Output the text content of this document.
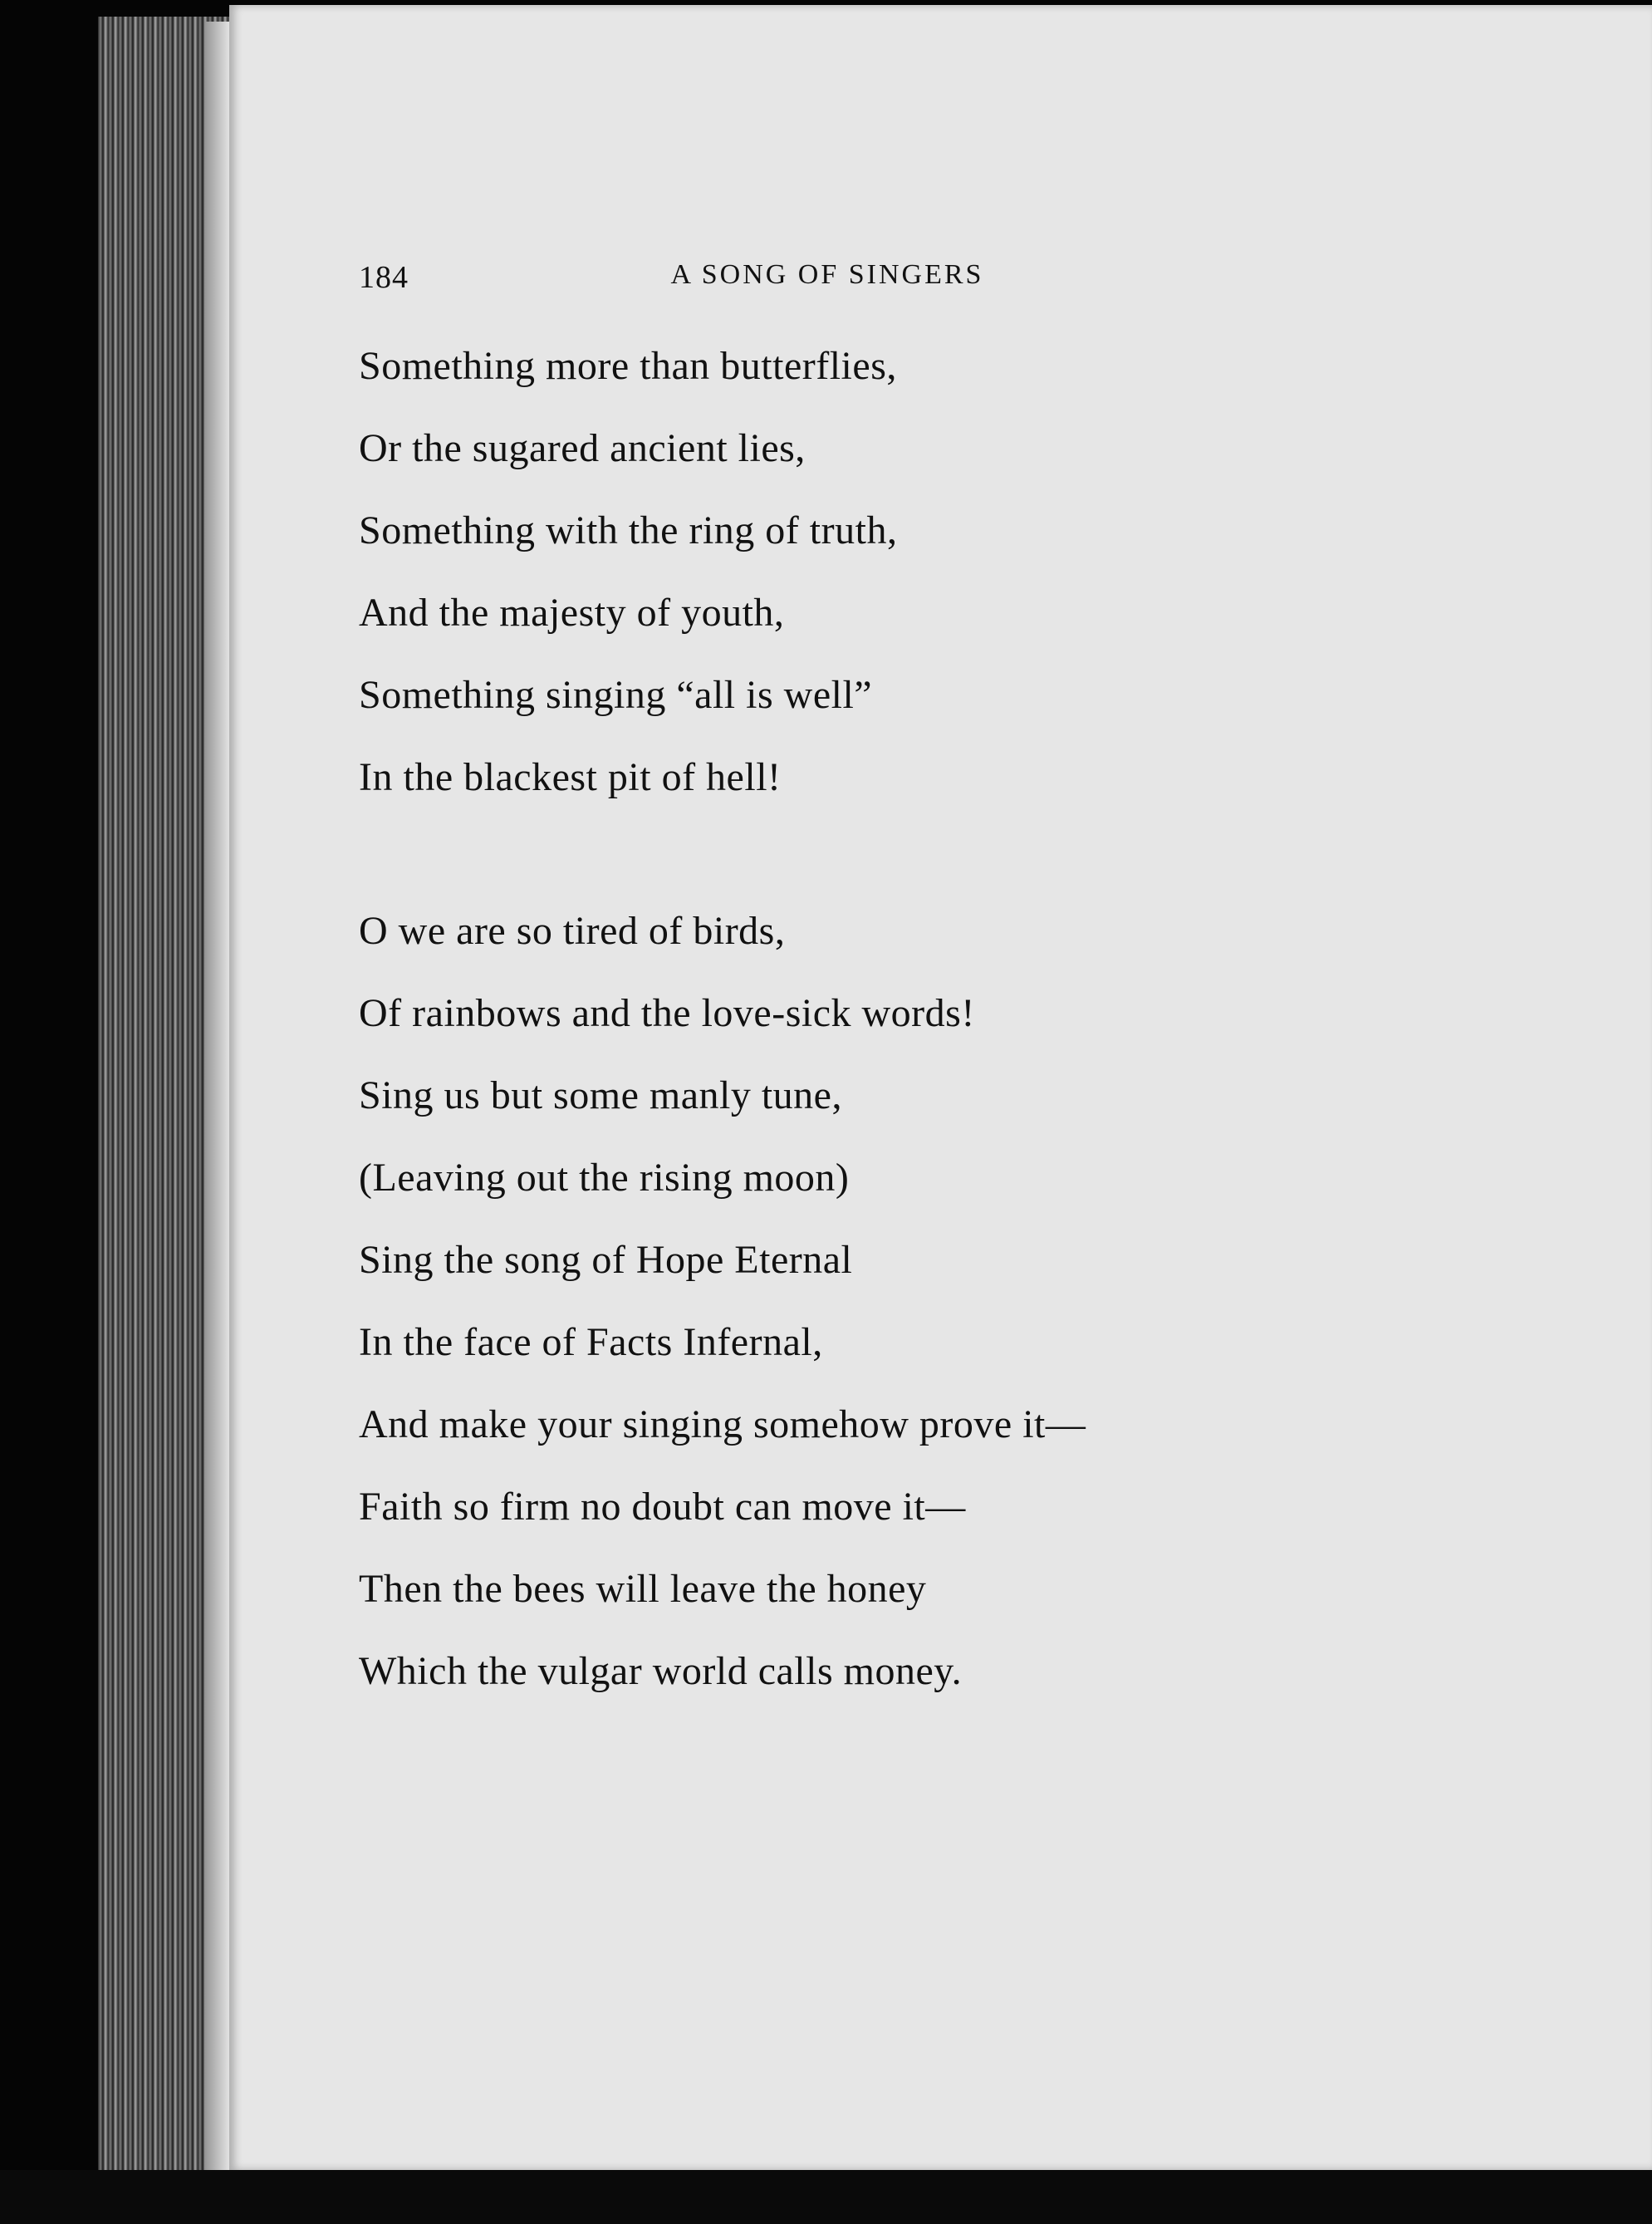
184	A SONG OF SINGERS
Something more than butterflies,
Or the sugared ancient lies,
Something with the ring of truth,
And the majesty of youth,
Something singing “all is well”
In the blackest pit of hell!
O we are so tired of birds,
Of rainbows and the love-sick words!
Sing us but some manly tune,
(Leaving out the rising moon)
Sing the song of Hope Eternal
In the face of Facts Infernal,
And make your singing somehow prove it—
Faith so firm no doubt can move it—
Then the bees will leave the honey
Which the vulgar world calls money.
